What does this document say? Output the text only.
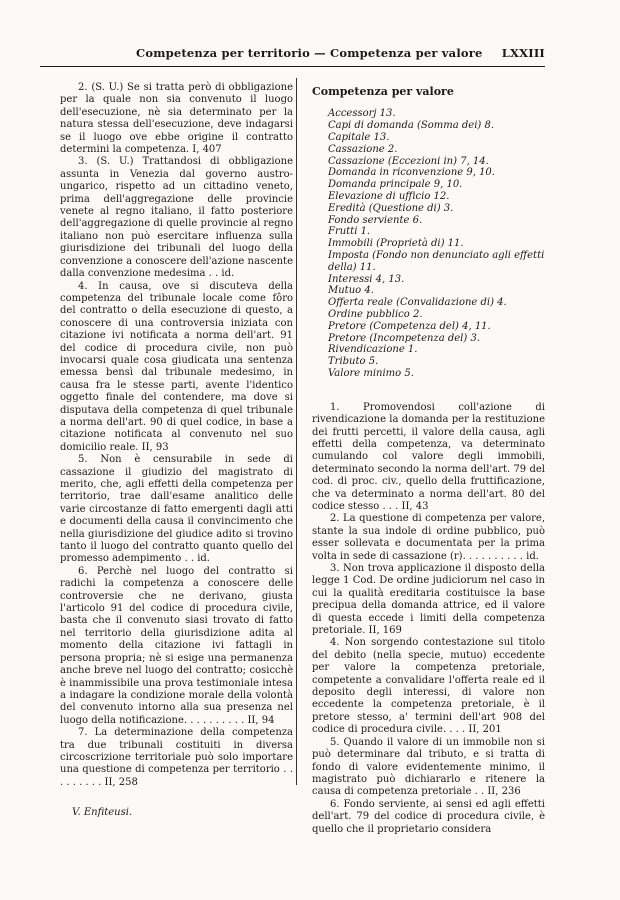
Competenza per territorio — Competenza per valore LXXIII

2. (S. U.) Se si tratta però di obbligazione per la quale non sia convenuto il luogo dell'esecuzione, nè sia determinato per la natura stessa dell'esecuzione, deve indagarsi se il luogo ove ebbe origine il contratto determini la competenza. I, 407

3. (S. U.) Trattandosi di obbligazione assunta in Venezia dal governo austro-ungarico, rispetto ad un cittadino veneto, prima dell'aggregazione delle provincie venete al regno italiano, il fatto posteriore dell'aggregazione di quelle provincie al regno italiano non può esercitare influenza sulla giurisdizione dei tribunali del luogo della convenzione a conoscere dell'azione nascente dalla convenzione medesima . . id.

4. In causa, ove si discuteva della competenza del tribunale locale come fôro del contratto o della esecuzione di questo, a conoscere di una controversia iniziata con citazione ivi notificata a norma dell'art. 91 del codice di procedura civile, non può invocarsi quale cosa giudicata una sentenza emessa bensì dal tribunale medesimo, in causa fra le stesse parti, avente l'identico oggetto finale del contendere, ma dove si disputava della competenza di quel tribunale a norma dell'art. 90 di quel codice, in base a citazione notificata al convenuto nel suo domicilio reale. II, 93

5. Non è censurabile in sede di cassazione il giudizio del magistrato di merito, che, agli effetti della competenza per territorio, trae dall'esame analitico delle varie circostanze di fatto emergenti dagli atti e documenti della causa il convincimento che nella giurisdizione del giudice adito si trovino tanto il luogo del contratto quanto quello del promesso adempimento . . id.

6. Perchè nel luogo del contratto si radichi la competenza a conoscere delle controversie che ne derivano, giusta l'articolo 91 del codice di procedura civile, basta che il convenuto siasi trovato di fatto nel territorio della giurisdizione adita al momento della citazione ivi fattagli in persona propria; nè si esige una permanenza anche breve nel luogo del contratto; cosicchè è inammissibile una prova testimoniale intesa a indagare la condizione morale della volontà del convenuto intorno alla sua presenza nel luogo della notificazione. . . . . . . . . . II, 94

7. La determinazione della competenza tra due tribunali costituiti in diversa circoscrizione territoriale può solo importare una questione di competenza per territorio . . . . . . . . . II, 258

V. Enfiteusi.

Competenza per valore

Accessorj 13.
Capi di domanda (Somma dei) 8.
Capitale 13.
Cassazione 2.
Cassazione (Eccezioni in) 7, 14.
Domanda in riconvenzione 9, 10.
Domanda principale 9, 10.
Elevazione di ufficio 12.
Eredità (Questione di) 3.
Fondo serviente 6.
Frutti 1.
Immobili (Proprietà di) 11.
Imposta (Fondo non denunciato agli effetti della) 11.
Interessi 4, 13.
Mutuo 4.
Offerta reale (Convalidazione di) 4.
Ordine pubblico 2.
Pretore (Competenza del) 4, 11.
Pretore (Incompetenza del) 3.
Rivendicazione 1.
Tributo 5.
Valore minimo 5.

1. Promovendosi coll'azione di rivendicazione la domanda per la restituzione dei frutti percetti, il valore della causa, agli effetti della competenza, va determinato cumulando col valore degli immobili, determinato secondo la norma dell'art. 79 del cod. di proc. civ., quello della fruttificazione, che va determinato a norma dell'art. 80 del codice stesso . . . II, 43

2. La questione di competenza per valore, stante la sua indole di ordine pubblico, può esser sollevata e documentata per la prima volta in sede di cassazione (r). . . . . . . . . . id.

3. Non trova applicazione il disposto della legge 1 Cod. De ordine judiciorum nel caso in cui la qualità ereditaria costituisce la base precipua della domanda attrice, ed il valore di questa eccede i limiti della competenza pretoriale. II, 169

4. Non sorgendo contestazione sul titolo del debito (nella specie, mutuo) eccedente per valore la competenza pretoriale, competente a convalidare l'offerta reale ed il deposito degli interessi, di valore non eccedente la competenza pretoriale, è il pretore stesso, a' termini dell'art 908 del codice di procedura civile. . . . II, 201

5. Quando il valore di un immobile non si può determinare dal tributo, e si tratta di fondo di valore evidentemente minimo, il magistrato può dichiararlo e ritenere la causa di competenza pretoriale . . II, 236

6. Fondo serviente, ai sensi ed agli effetti dell'art. 79 del codice di procedura civile, è quello che il proprietario considera
